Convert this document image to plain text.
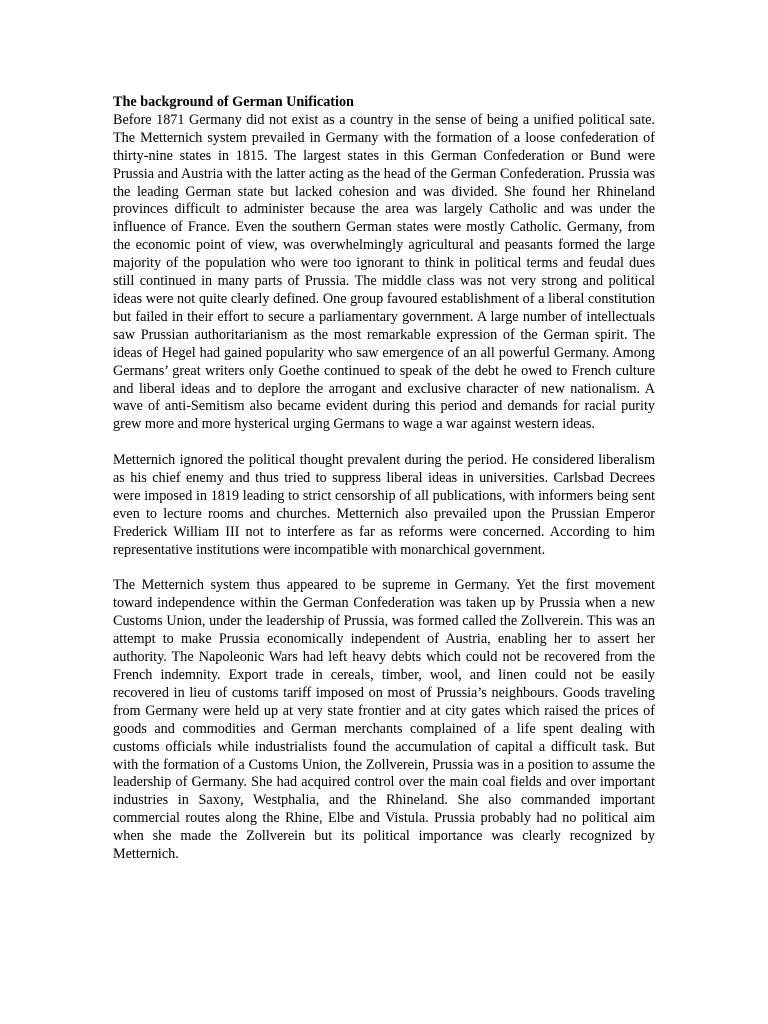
The background of German Unification

Before 1871 Germany did not exist as a country in the sense of being a unified political sate. The Metternich system prevailed in Germany with the formation of a loose confederation of thirty-nine states in 1815. The largest states in this German Confederation or Bund were Prussia and Austria with the latter acting as the head of the German Confederation. Prussia was the leading German state but lacked cohesion and was divided. She found her Rhineland provinces difficult to administer because the area was largely Catholic and was under the influence of France. Even the southern German states were mostly Catholic. Germany, from the economic point of view, was overwhelmingly agricultural and peasants formed the large majority of the population who were too ignorant to think in political terms and feudal dues still continued in many parts of Prussia. The middle class was not very strong and political ideas were not quite clearly defined. One group favoured establishment of a liberal constitution but failed in their effort to secure a parliamentary government. A large number of intellectuals saw Prussian authoritarianism as the most remarkable expression of the German spirit. The ideas of Hegel had gained popularity who saw emergence of an all powerful Germany. Among Germans’ great writers only Goethe continued to speak of the debt he owed to French culture and liberal ideas and to deplore the arrogant and exclusive character of new nationalism. A wave of anti-Semitism also became evident during this period and demands for racial purity grew more and more hysterical urging Germans to wage a war against western ideas.

Metternich ignored the political thought prevalent during the period. He considered liberalism as his chief enemy and thus tried to suppress liberal ideas in universities. Carlsbad Decrees were imposed in 1819 leading to strict censorship of all publications, with informers being sent even to lecture rooms and churches. Metternich also prevailed upon the Prussian Emperor Frederick William III not to interfere as far as reforms were concerned. According to him representative institutions were incompatible with monarchical government.

The Metternich system thus appeared to be supreme in Germany. Yet the first movement toward independence within the German Confederation was taken up by Prussia when a new Customs Union, under the leadership of Prussia, was formed called the Zollverein. This was an attempt to make Prussia economically independent of Austria, enabling her to assert her authority. The Napoleonic Wars had left heavy debts which could not be recovered from the French indemnity. Export trade in cereals, timber, wool, and linen could not be easily recovered in lieu of customs tariff imposed on most of Prussia’s neighbours. Goods traveling from Germany were held up at very state frontier and at city gates which raised the prices of goods and commodities and German merchants complained of a life spent dealing with customs officials while industrialists found the accumulation of capital a difficult task. But with the formation of a Customs Union, the Zollverein, Prussia was in a position to assume the leadership of Germany. She had acquired control over the main coal fields and over important industries in Saxony, Westphalia, and the Rhineland. She also commanded important commercial routes along the Rhine, Elbe and Vistula. Prussia probably had no political aim when she made the Zollverein but its political importance was clearly recognized by Metternich.
